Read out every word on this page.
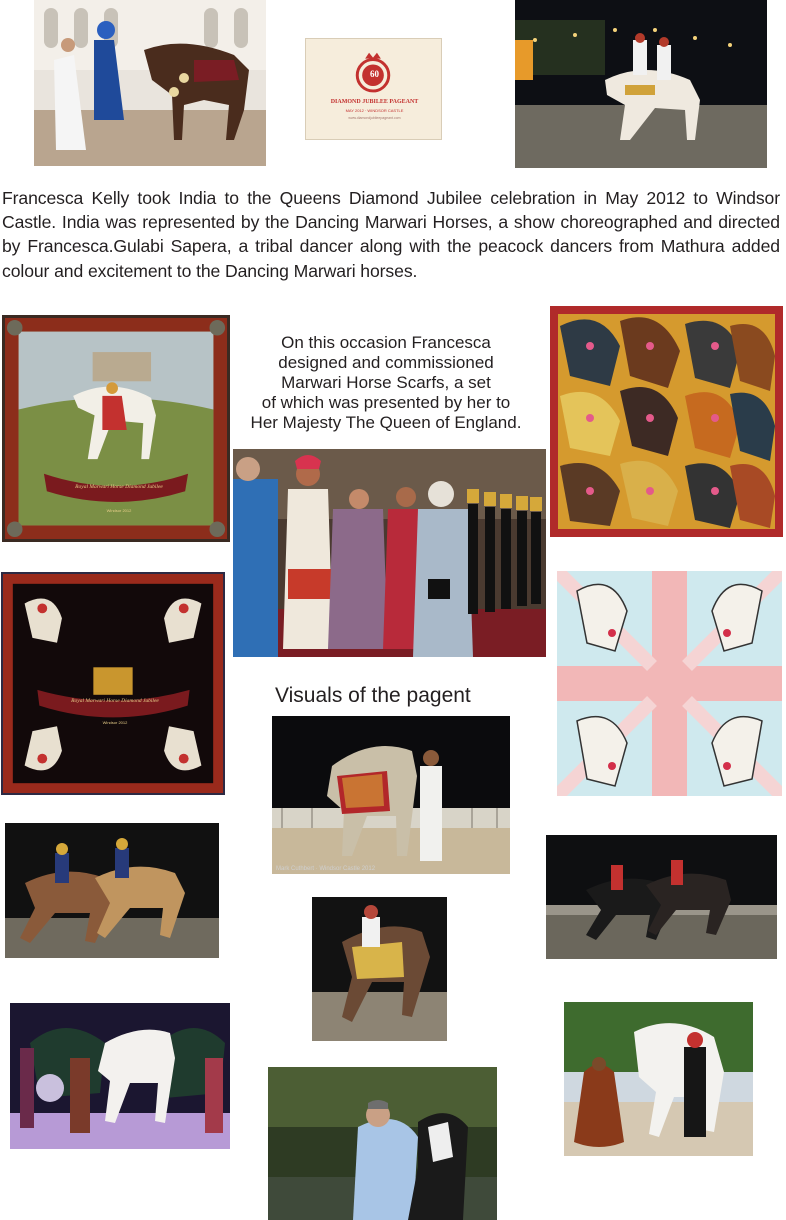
60
DIAMOND JUBILEE PAGEANT
MAY 2012 · WINDSOR CASTLE
www.diamondjubileepageant.com

Francesca Kelly took India to the Queens Diamond Jubilee celebration in May 2012 to Windsor Castle. India was represented by the Dancing Marwari Horses, a show choreographed and directed by Francesca.Gulabi Sapera, a tribal dancer along with the peacock dancers from Mathura added colour and excitement to the Dancing Marwari horses.

Royal Marwari Horse Diamond Jubilee
Windsor 2012

On this occasion Francesca

designed and commissioned

Marwari Horse Scarfs, a set

of which was presented by her to

Her Majesty The Queen of England.

Royal Marwari Horse Diamond Jubilee
Windsor 2012
Visuals of the pagent
Mark Cuthbert · Windsor Castle 2012
